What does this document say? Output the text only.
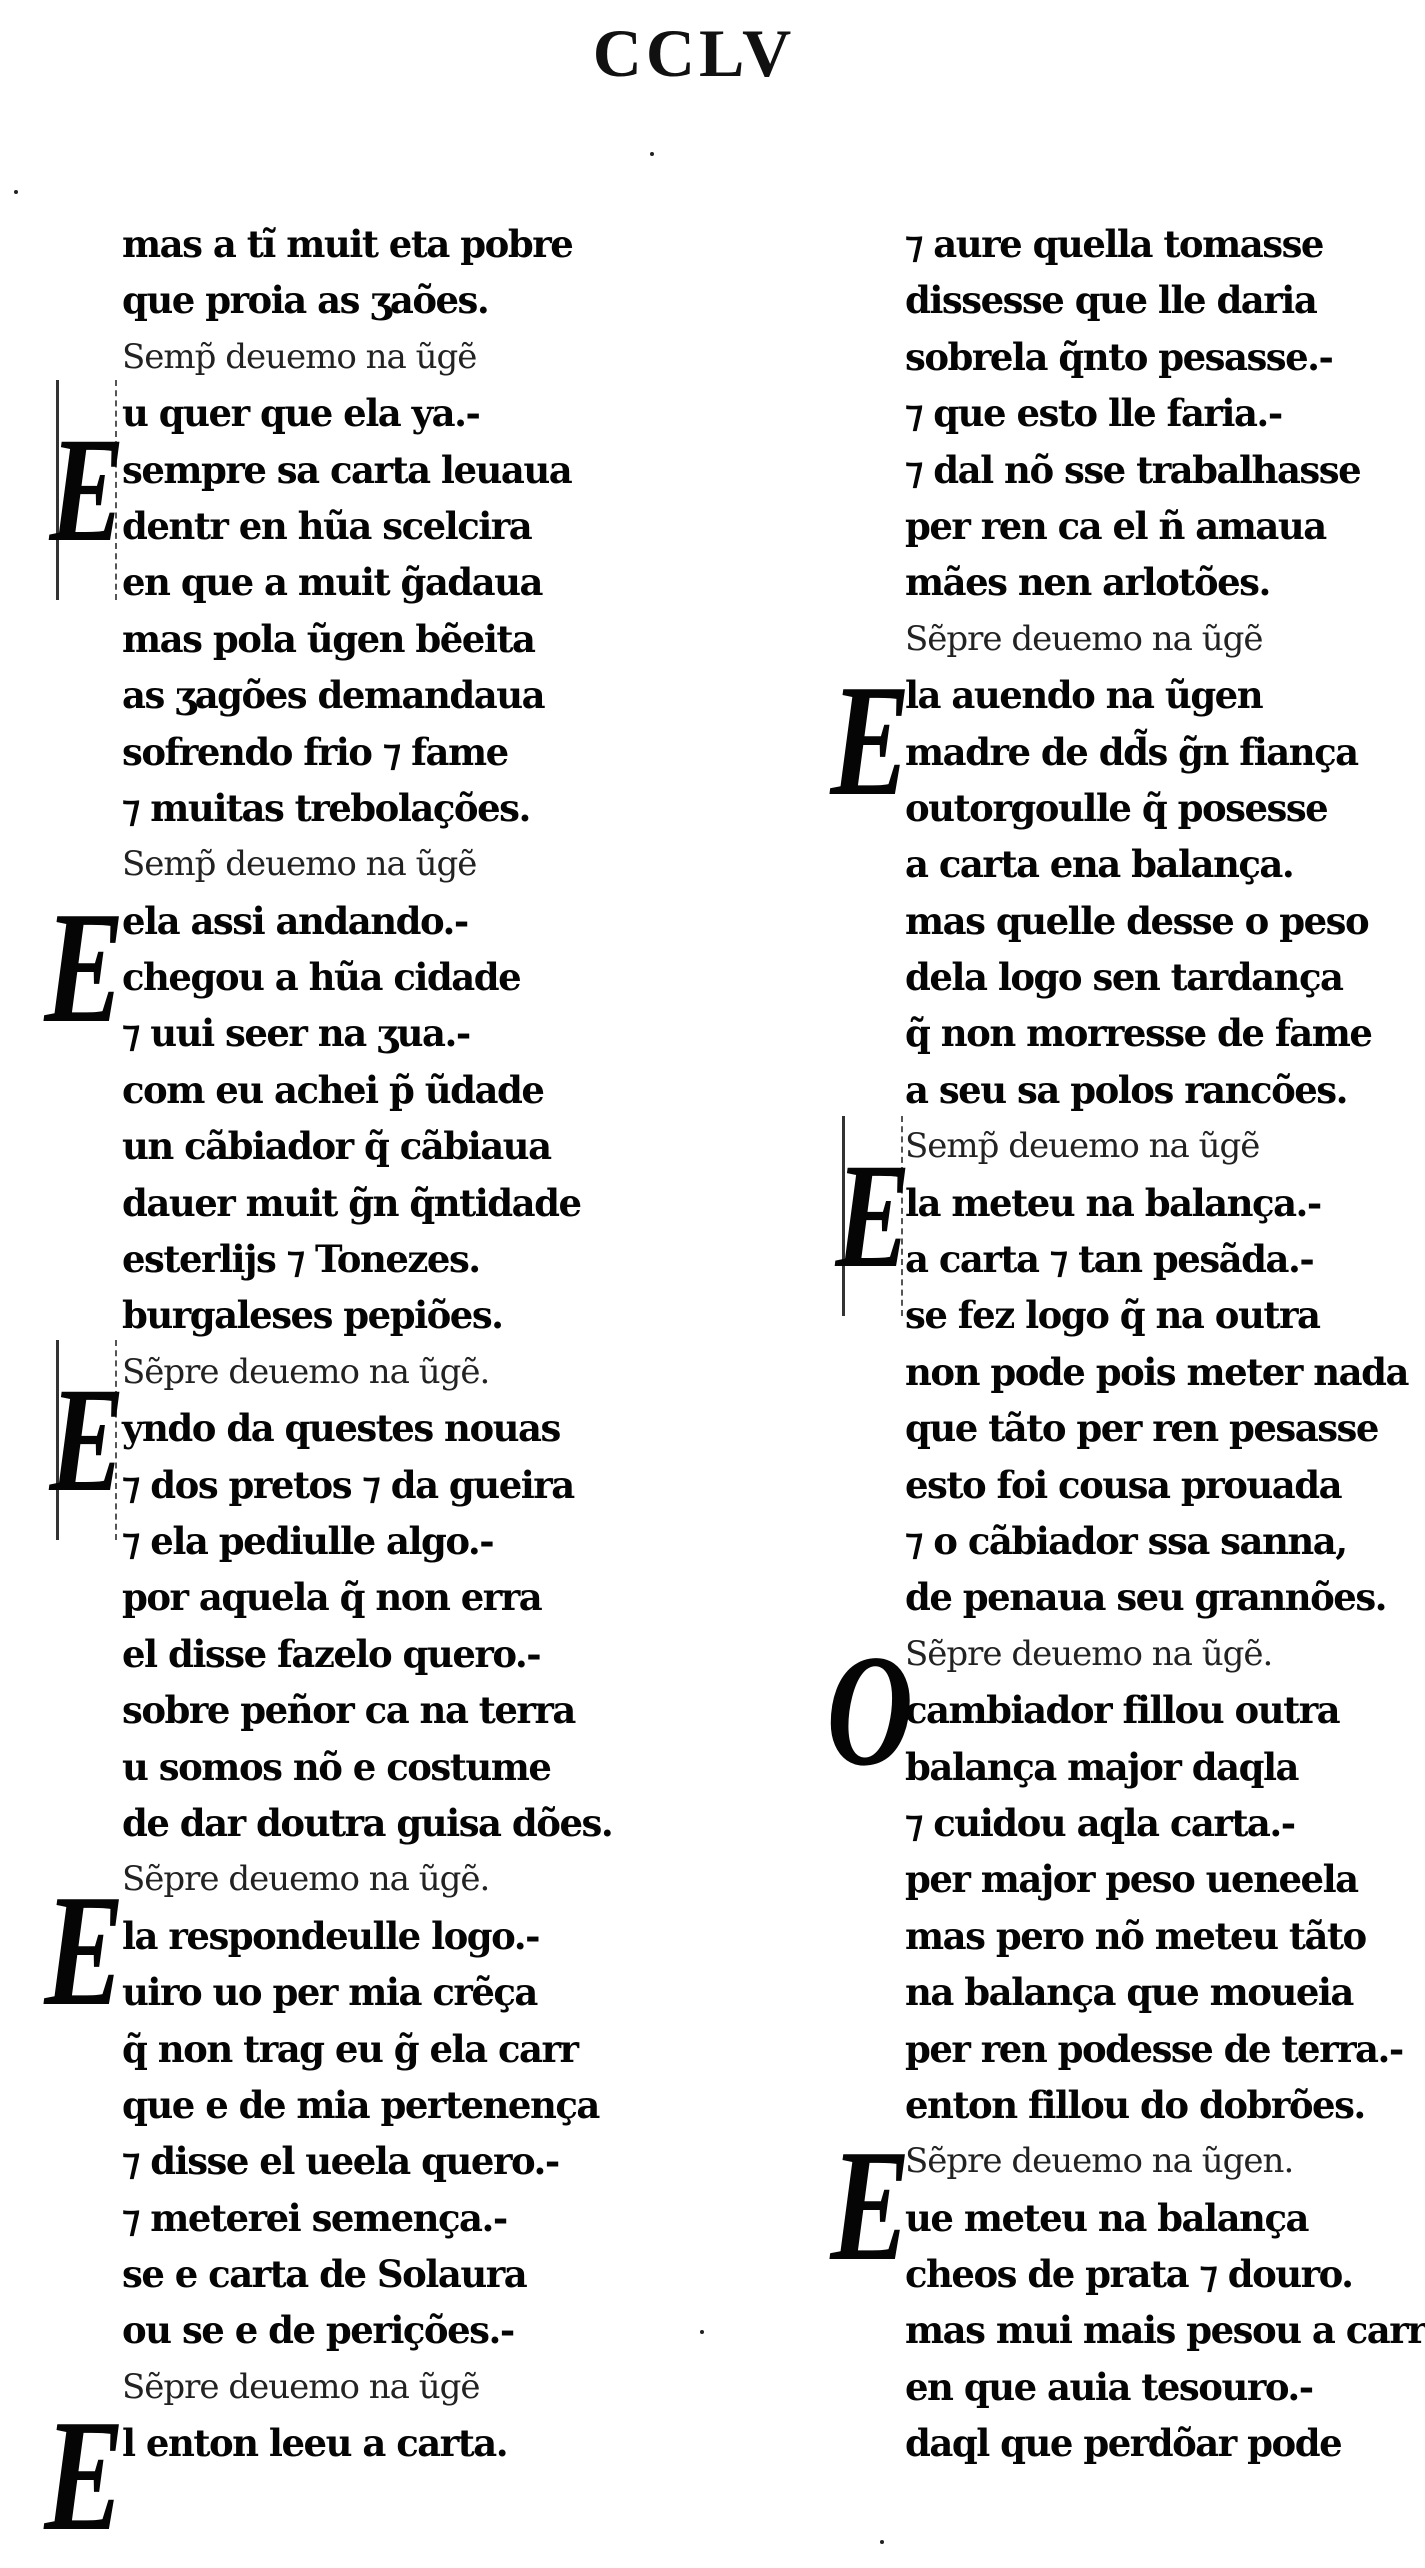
CCLV
E
E
E
E
E
E
E
O
E
mas a tĩ muit eta pobre
que proia as ʒaões.
Semp̃ deuemo na ũgẽ
u quer que ela ya.-
sempre sa carta leuaua
dentr en hũa scelcira
en que a muit g̃adaua
mas pola ũgen bẽeita
as ʒagões demandaua
sofrendo frio ⁊ fame
⁊ muitas trebolações.
Semp̃ deuemo na ũgẽ
ela assi andando.-
chegou a hũa cidade
⁊ uui seer na ʒua.-
com eu achei p̃ ũdade
un cãbiador q̃ cãbiaua
dauer muit g̃n q̃ntidade
esterlijs ⁊ Tonezes.
burgaleses pepiões.
Sẽpre deuemo na ũgẽ.
yndo da questes nouas
⁊ dos pretos ⁊ da gueira
⁊ ela pediulle algo.-
por aquela q̃ non erra
el disse fazelo quero.-
sobre peñor ca na terra
u somos nõ e costume
de dar doutra guisa dões.
Sẽpre deuemo na ũgẽ.
la respondeulle logo.-
uiro uo per mia crẽça
q̃ non trag eu g̃ ela carr
que e de mia pertenença
⁊ disse el ueela quero.-
⁊ meterei semença.-
se e carta de Solaura
ou se e de perições.-
Sẽpre deuemo na ũgẽ
l enton leeu a carta.
⁊ aure quella tomasse
dissesse que lle daria
sobrela q̃nto pesasse.-
⁊ que esto lle faria.-
⁊ dal nõ sse trabalhasse
per ren ca el ñ amaua
mães nen arlotões.
Sẽpre deuemo na ũgẽ
la auendo na ũgen
madre de dd̃s g̃n fiança
outorgoulle q̃ posesse
a carta ena balança.
mas quelle desse o peso
dela logo sen tardança
q̃ non morresse de fame
a seu sa polos rancões.
Semp̃ deuemo na ũgẽ
la meteu na balança.-
a carta ⁊ tan pesãda.-
se fez logo q̃ na outra
non pode pois meter nada
que tãto per ren pesasse
esto foi cousa prouada
⁊ o cãbiador ssa sanna,
de penaua seu grannões.
Sẽpre deuemo na ũgẽ.
cambiador fillou outra
balança major daqla
⁊ cuidou aqla carta.-
per major peso ueneela
mas pero nõ meteu tãto
na balança que moueia
per ren podesse de terra.-
enton fillou do dobrões.
Sẽpre deuemo na ũgen.
ue meteu na balança
cheos de prata ⁊ douro.
mas mui mais pesou a carr
en que auia tesouro.-
daql que perdõar pode
